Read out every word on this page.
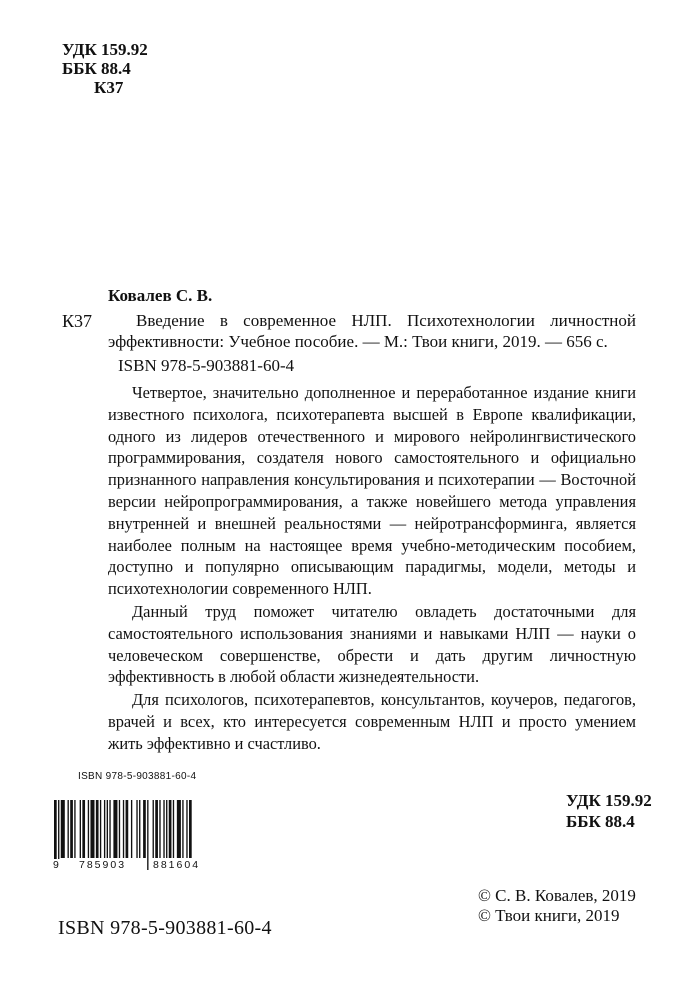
УДК 159.92
ББК 88.4
К37
Ковалев С. В.
К37	Введение в современное НЛП. Психотехнологии личностной эффективности: Учебное пособие. — М.: Твои книги, 2019. — 656 с.
ISBN 978-5-903881-60-4

Четвертое, значительно дополненное и переработанное издание книги известного психолога, психотерапевта высшей в Европе квалификации, одного из лидеров отечественного и мирового нейролингвистического программирования, создателя нового самостоятельного и официально признанного направления консультирования и психотерапии — Восточной версии нейропрограммирования, а также новейшего метода управления внутренней и внешней реальностями — нейротрансформинга, является наиболее полным на настоящее время учебно-методическим пособием, доступно и популярно описывающим парадигмы, модели, методы и психотехнологии современного НЛП.

Данный труд поможет читателю овладеть достаточными для самостоятельного использования знаниями и навыками НЛП — науки о человеческом совершенстве, обрести и дать другим личностную эффективность в любой области жизнедеятельности.

Для психологов, психотерапевтов, консультантов, коучеров, педагогов, врачей и всех, кто интересуется современным НЛП и просто умением жить эффективно и счастливо.

ISBN 978-5-903881-60-4
9 785903	881604
УДК 159.92
ББК 88.4
ISBN 978-5-903881-60-4
© С. В. Ковалев, 2019
© Твои книги, 2019
